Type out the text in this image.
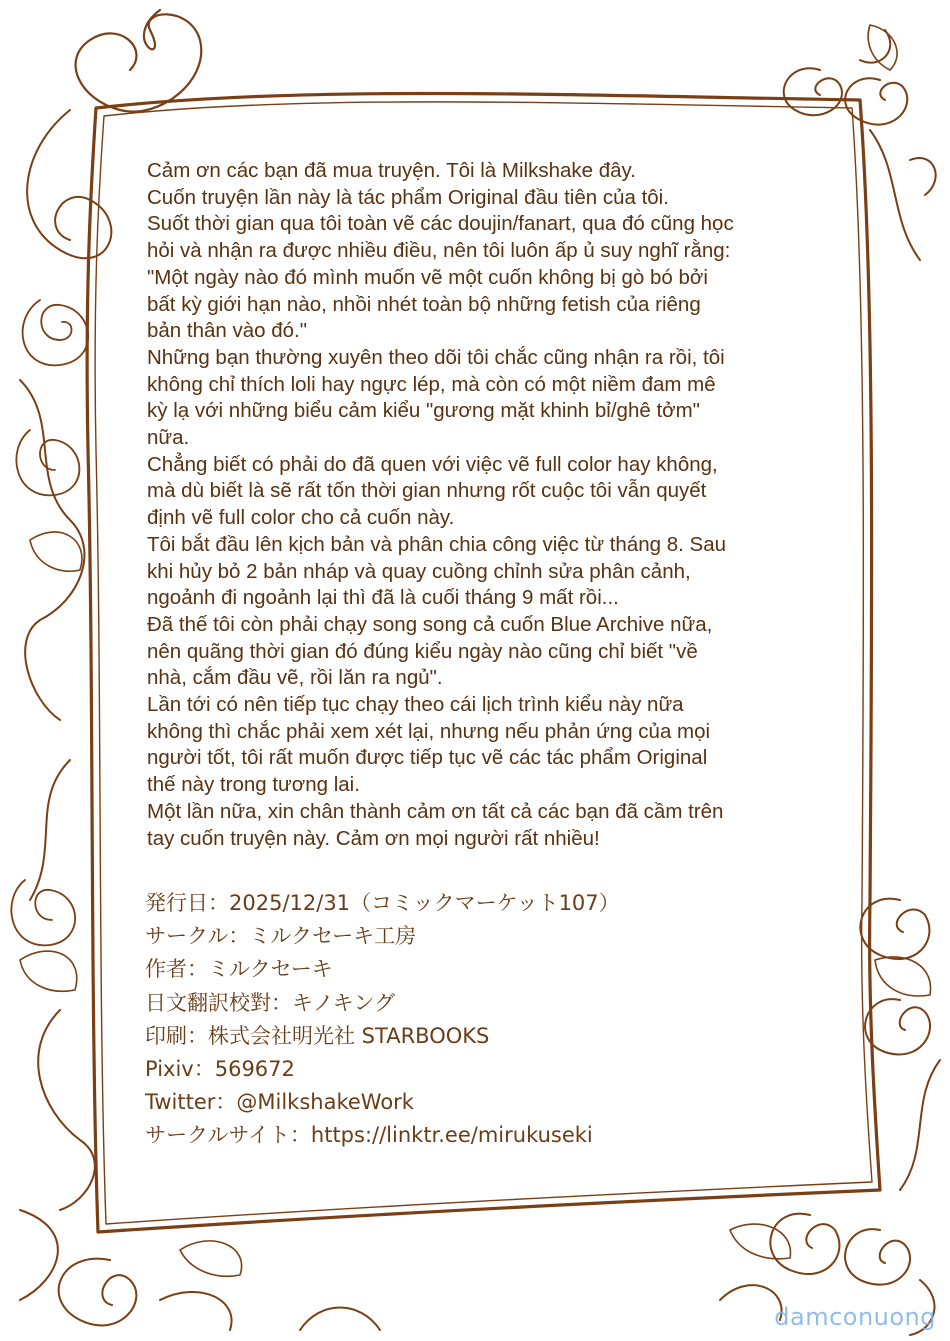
Cảm ơn các bạn đã mua truyện. Tôi là Milkshake đây.

Cuốn truyện lần này là tác phẩm Original đầu tiên của tôi.

Suốt thời gian qua tôi toàn vẽ các doujin/fanart, qua đó cũng học

hỏi và nhận ra được nhiều điều, nên tôi luôn ấp ủ suy nghĩ rằng:

"Một ngày nào đó mình muốn vẽ một cuốn không bị gò bó bởi

bất kỳ giới hạn nào, nhồi nhét toàn bộ những fetish của riêng

bản thân vào đó."

Những bạn thường xuyên theo dõi tôi chắc cũng nhận ra rồi, tôi

không chỉ thích loli hay ngực lép, mà còn có một niềm đam mê

kỳ lạ với những biểu cảm kiểu "gương mặt khinh bỉ/ghê tởm"

nữa.

Chẳng biết có phải do đã quen với việc vẽ full color hay không,

mà dù biết là sẽ rất tốn thời gian nhưng rốt cuộc tôi vẫn quyết

định vẽ full color cho cả cuốn này.

Tôi bắt đầu lên kịch bản và phân chia công việc từ tháng 8. Sau

khi hủy bỏ 2 bản nháp và quay cuồng chỉnh sửa phân cảnh,

ngoảnh đi ngoảnh lại thì đã là cuối tháng 9 mất rồi...

Đã thế tôi còn phải chạy song song cả cuốn Blue Archive nữa,

nên quãng thời gian đó đúng kiểu ngày nào cũng chỉ biết "về

nhà, cắm đầu vẽ, rồi lăn ra ngủ".

Lần tới có nên tiếp tục chạy theo cái lịch trình kiểu này nữa

không thì chắc phải xem xét lại, nhưng nếu phản ứng của mọi

người tốt, tôi rất muốn được tiếp tục vẽ các tác phẩm Original

thế này trong tương lai.

Một lần nữa, xin chân thành cảm ơn tất cả các bạn đã cầm trên

tay cuốn truyện này. Cảm ơn mọi người rất nhiều!

発行日：2025/12/31（コミックマーケット107）

サークル：ミルクセーキ工房

作者：ミルクセーキ

日文翻訳校對：キノキング

印刷：株式会社明光社 STARBOOKS

Pixiv：569672

Twitter：@MilkshakeWork

サークルサイト：https://linktr.ee/mirukuseki

damconuong
